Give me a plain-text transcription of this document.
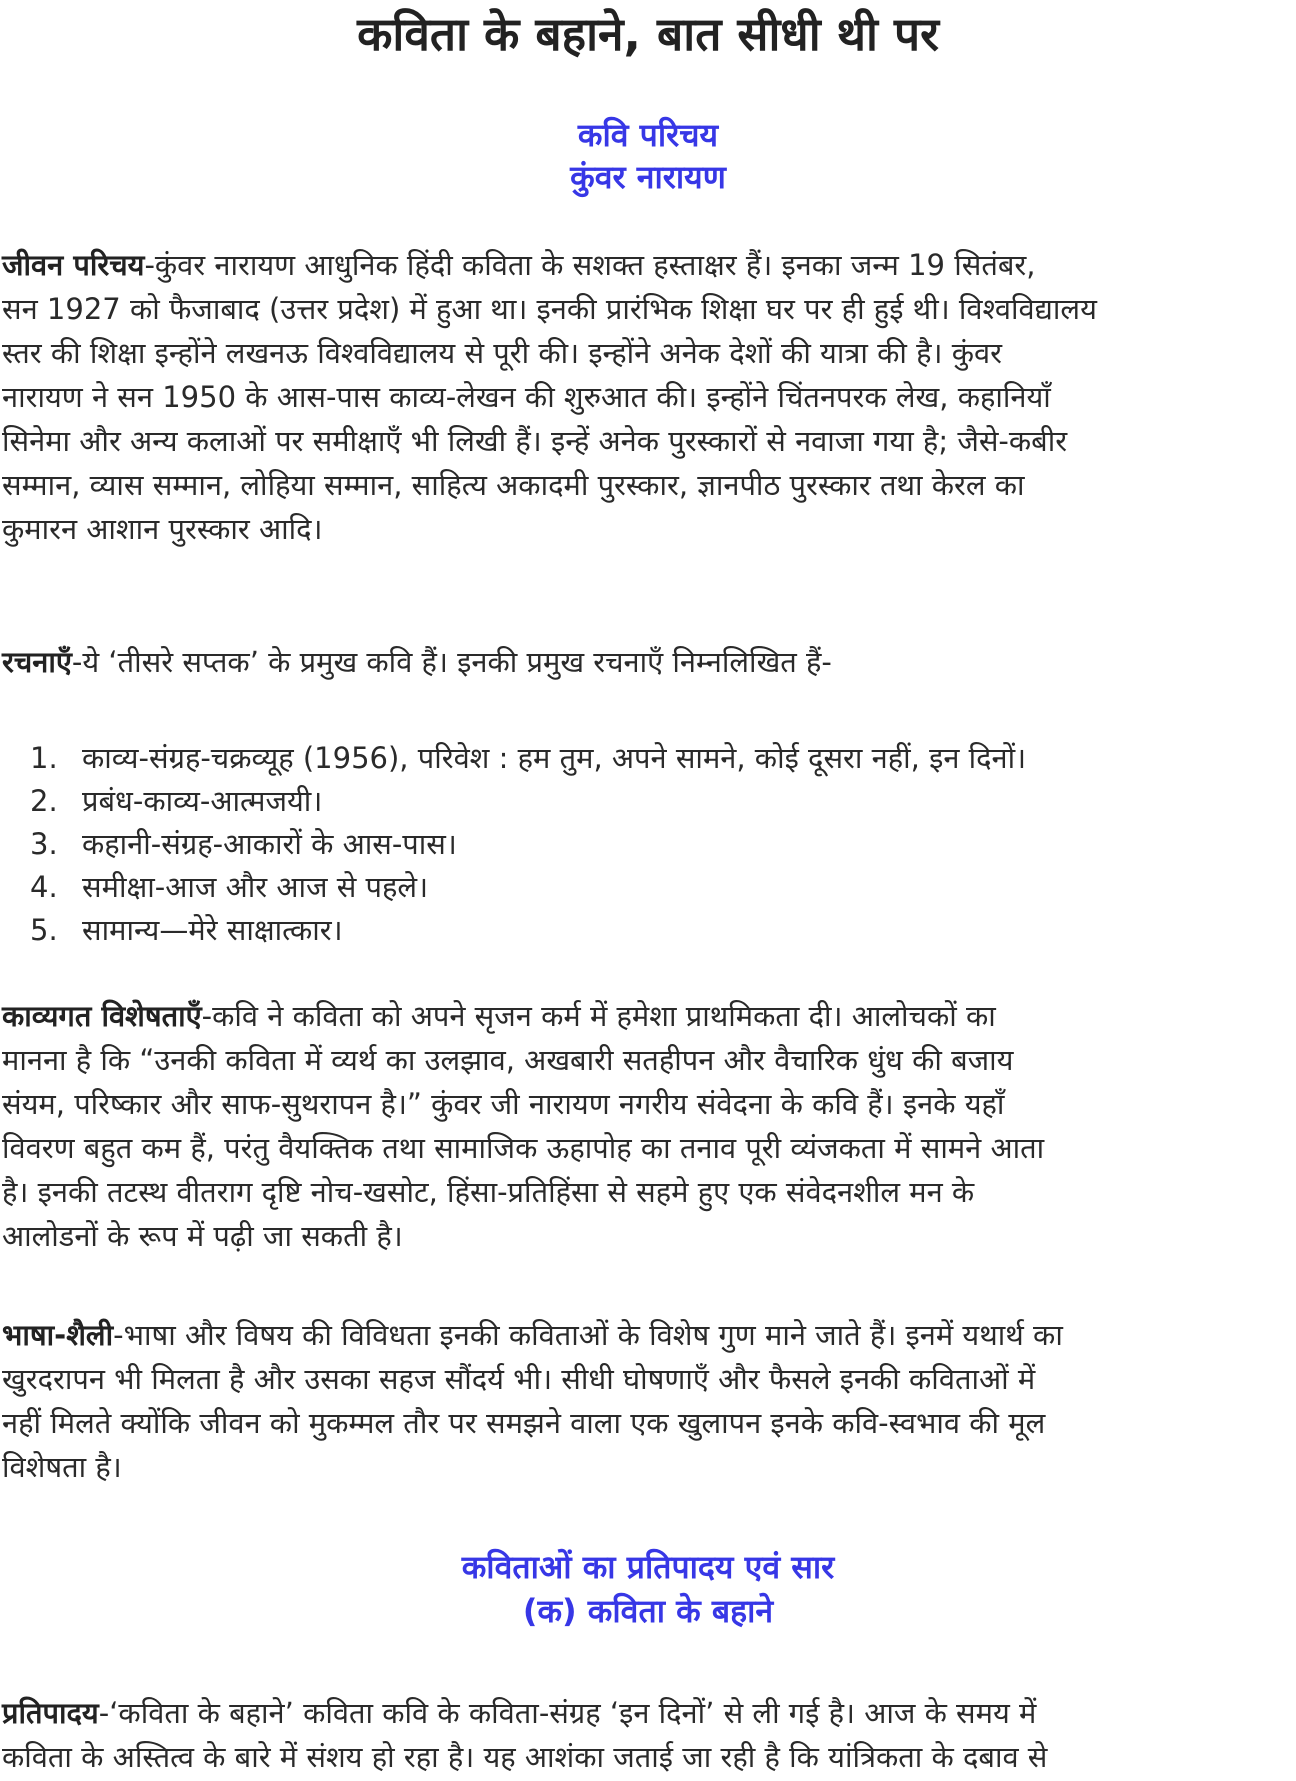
कविता के बहाने, बात सीधी थी पर
कवि परिचय
कुंवर नारायण
जीवन परिचय-कुंवर नारायण आधुनिक हिंदी कविता के सशक्त हस्ताक्षर हैं। इनका जन्म 19 सितंबर,
सन 1927 को फैजाबाद (उत्तर प्रदेश) में हुआ था। इनकी प्रारंभिक शिक्षा घर पर ही हुई थी। विश्वविद्यालय
स्तर की शिक्षा इन्होंने लखनऊ विश्वविद्यालय से पूरी की। इन्होंने अनेक देशों की यात्रा की है। कुंवर
नारायण ने सन 1950 के आस-पास काव्य-लेखन की शुरुआत की। इन्होंने चिंतनपरक लेख, कहानियाँ
सिनेमा और अन्य कलाओं पर समीक्षाएँ भी लिखी हैं। इन्हें अनेक पुरस्कारों से नवाजा गया है; जैसे-कबीर
सम्मान, व्यास सम्मान, लोहिया सम्मान, साहित्य अकादमी पुरस्कार, ज्ञानपीठ पुरस्कार तथा केरल का
कुमारन आशान पुरस्कार आदि।
रचनाएँ-ये ‘तीसरे सप्तक’ के प्रमुख कवि हैं। इनकी प्रमुख रचनाएँ निम्नलिखित हैं-
1. काव्य-संग्रह-चक्रव्यूह (1956), परिवेश : हम तुम, अपने सामने, कोई दूसरा नहीं, इन दिनों।
2. प्रबंध-काव्य-आत्मजयी।
3. कहानी-संग्रह-आकारों के आस-पास।
4. समीक्षा-आज और आज से पहले।
5. सामान्य—मेरे साक्षात्कार।
काव्यगत विशेषताएँ-कवि ने कविता को अपने सृजन कर्म में हमेशा प्राथमिकता दी। आलोचकों का
मानना है कि “उनकी कविता में व्यर्थ का उलझाव, अखबारी सतहीपन और वैचारिक धुंध की बजाय
संयम, परिष्कार और साफ-सुथरापन है।” कुंवर जी नारायण नगरीय संवेदना के कवि हैं। इनके यहाँ
विवरण बहुत कम हैं, परंतु वैयक्तिक तथा सामाजिक ऊहापोह का तनाव पूरी व्यंजकता में सामने आता
है। इनकी तटस्थ वीतराग दृष्टि नोच-खसोट, हिंसा-प्रतिहिंसा से सहमे हुए एक संवेदनशील मन के
आलोडनों के रूप में पढ़ी जा सकती है।
भाषा-शैली-भाषा और विषय की विविधता इनकी कविताओं के विशेष गुण माने जाते हैं। इनमें यथार्थ का
खुरदरापन भी मिलता है और उसका सहज सौंदर्य भी। सीधी घोषणाएँ और फैसले इनकी कविताओं में
नहीं मिलते क्योंकि जीवन को मुकम्मल तौर पर समझने वाला एक खुलापन इनके कवि-स्वभाव की मूल
विशेषता है।
कविताओं का प्रतिपादय एवं सार
(क) कविता के बहाने
प्रतिपादय-‘कविता के बहाने’ कविता कवि के कविता-संग्रह ‘इन दिनों’ से ली गई है। आज के समय में
कविता के अस्तित्व के बारे में संशय हो रहा है। यह आशंका जताई जा रही है कि यांत्रिकता के दबाव से
